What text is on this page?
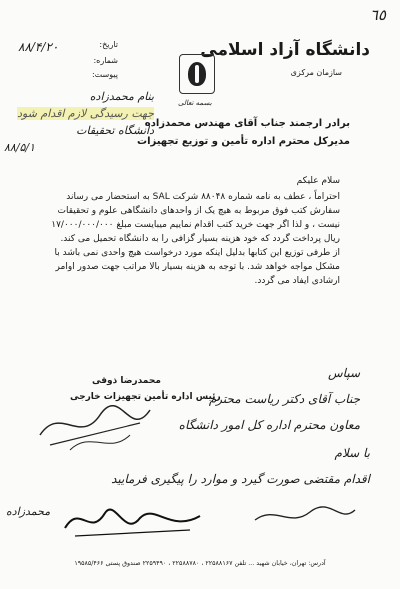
٦٥
دانشگاه آزاد اسلامی
سازمان مرکزی
بسمه تعالی
۸۸/۴/۲۰	تاریخ:
شماره:
پیوست:
بنام محمدزاده
جهت رسیدگی لازم اقدام شود
دانشگاه تحقیقات
۸۸/۵/۱
برادر ارجمند جناب آقای مهندس محمدزاده
مدیرکل محترم اداره تأمین و توزیع تجهیزات
سلام علیکم
احتراماً ، عطف به نامه شماره ۸۸۰۴۸ شرکت SAL به استحضار می رساند
سفارش کتب فوق مربوط به هیچ یک از واحدهای دانشگاهی علوم و تحقیقات
نیست ، و لذا اگر جهت خرید کتب اقدام نماییم میبایست مبلغ ۱۷/۰۰۰/۰۰۰/۰۰۰
ریال پرداخت گردد که خود هزینه بسیار گزافی را به دانشگاه تحمیل می کند.
از طرفی توزیع این کتابها بدلیل اینکه مورد درخواست هیچ واحدی نمی باشد با
مشکل مواجه خواهد شد. با توجه به هزینه بسیار بالا مراتب جهت صدور اوامر
ارشادی ایفاد می گردد.
محمدرضا ذوقی
رئیس اداره تأمین تجهیزات خارجی
سپاس
جناب آقای دکتر ریاست محترم
معاون محترم اداره کل امور دانشگاه
با سلام
اقدام مقتضی صورت گیرد و موارد را پیگیری فرمایید
محمدزاده
آدرس: تهران، خیابان شهید ... تلفن ۲۲۵۸۸۱۶۷ ، ۲۲۵۸۸۷۸۰ ، ۲۲۵۹۴۹۰ صندوق پستی ۱۹۵۸۵/۴۶۶
